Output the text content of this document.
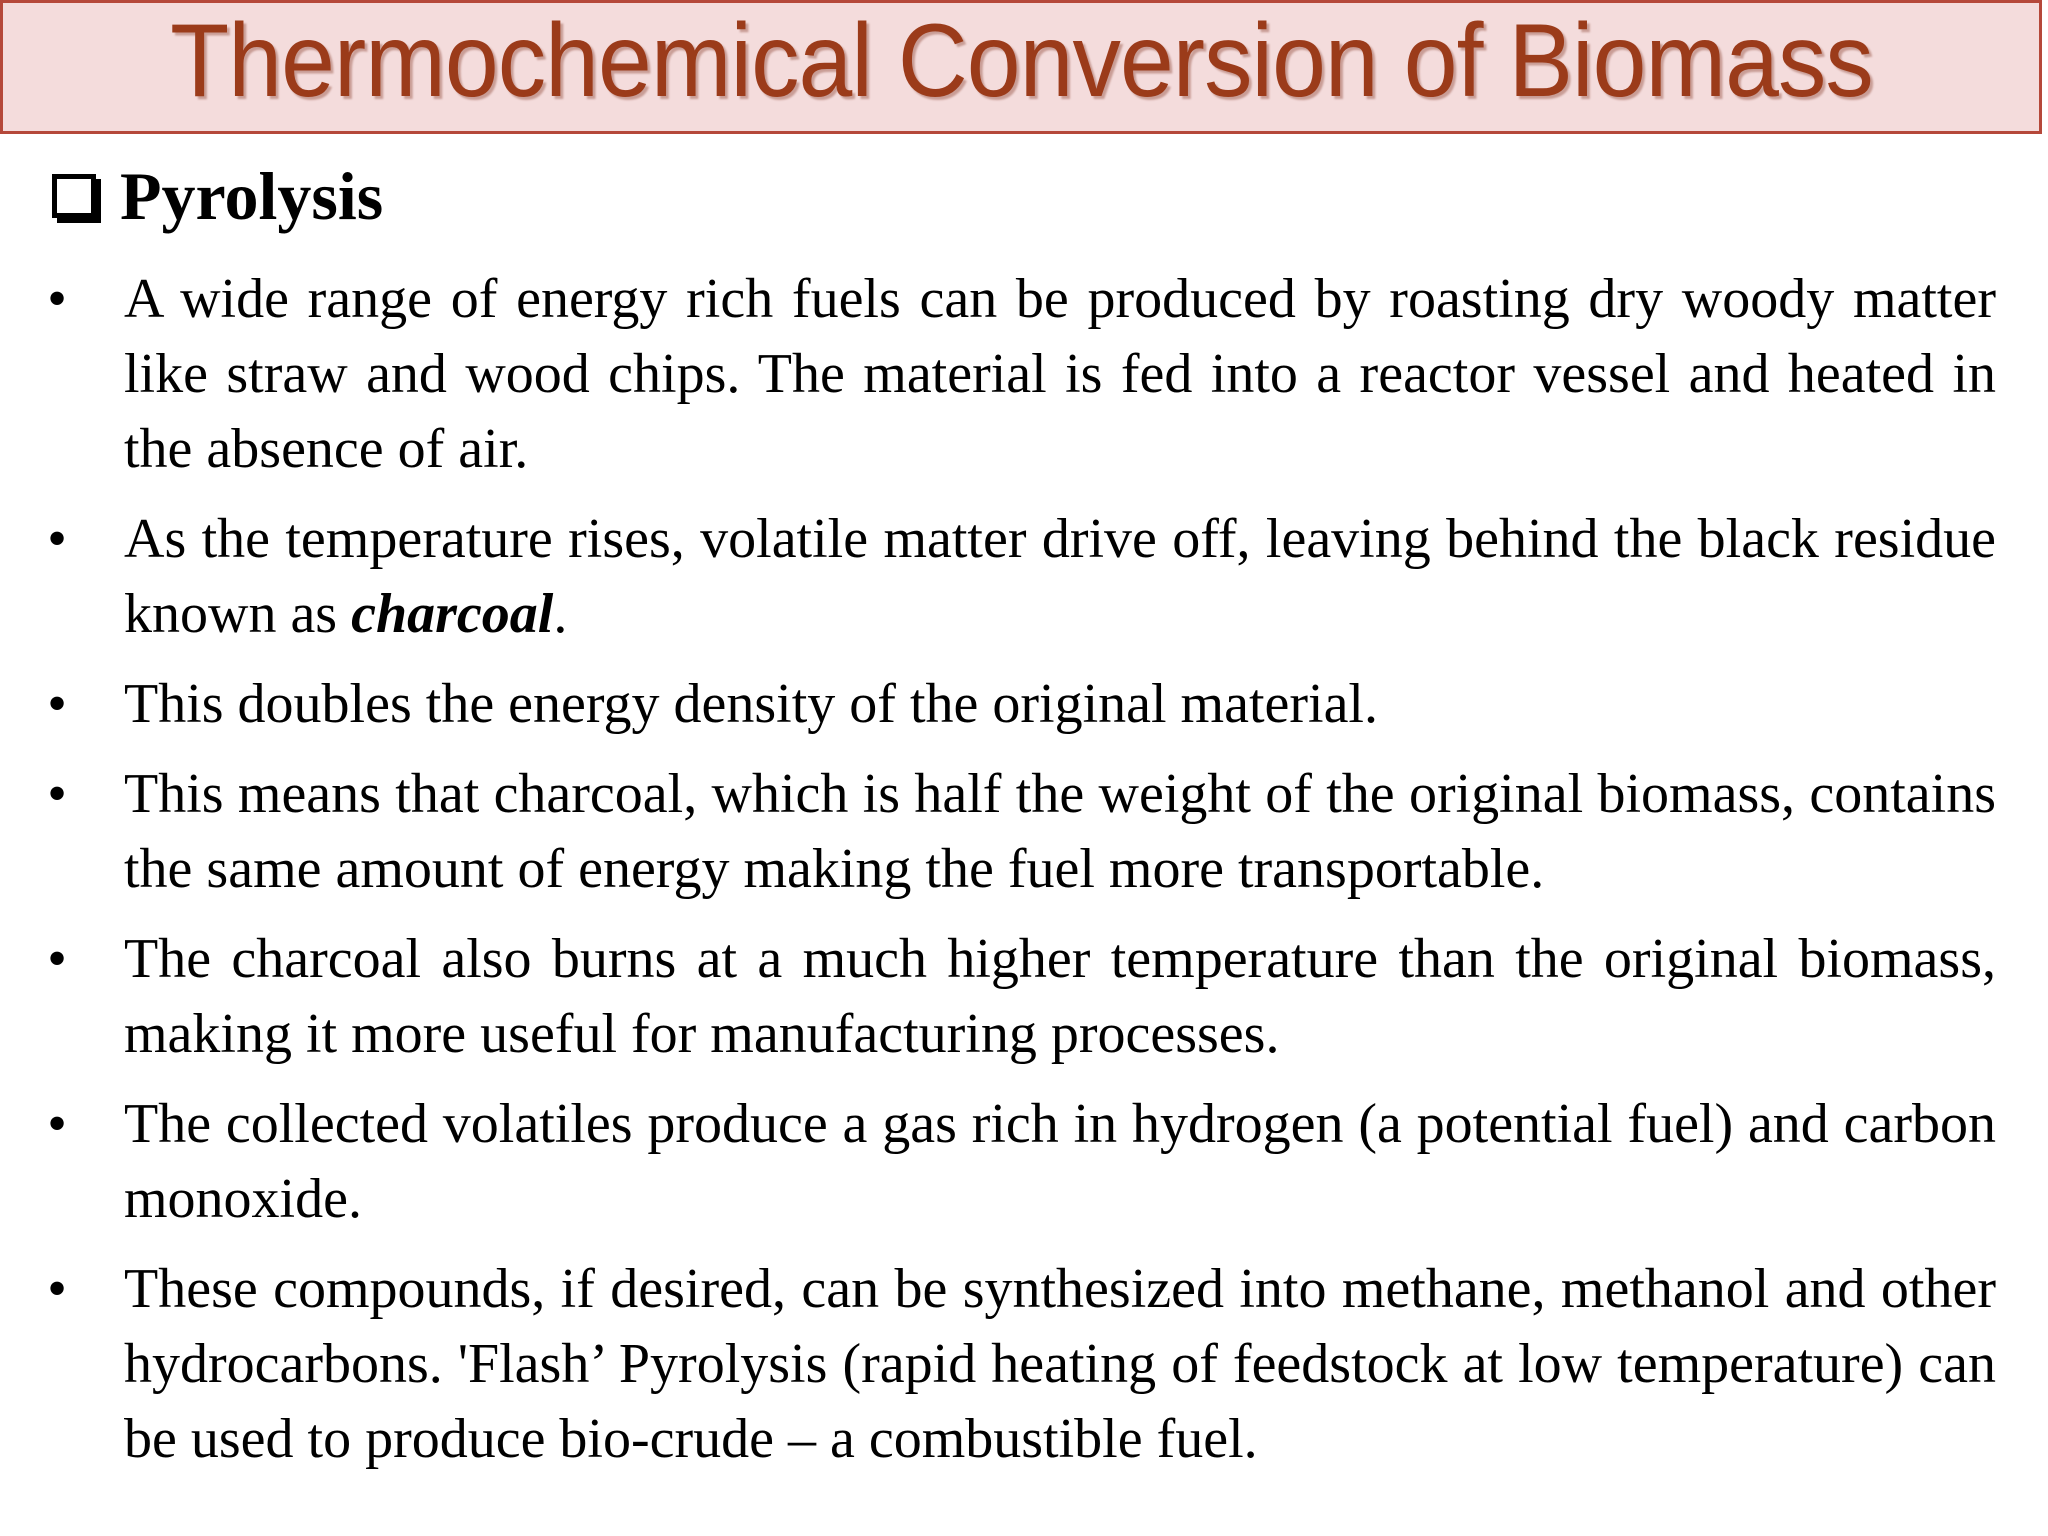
Thermochemical Conversion of Biomass
Pyrolysis
• A wide range of energy rich fuels can be produced by roasting dry woody matter like straw and wood chips. The material is fed into a reactor vessel and heated in the absence of air.
• As the temperature rises, volatile matter drive off, leaving behind the black residue known as charcoal.
• This doubles the energy density of the original material.
• This means that charcoal, which is half the weight of the original biomass, contains the same amount of energy making the fuel more transportable.
• The charcoal also burns at a much higher temperature than the original biomass, making it more useful for manufacturing processes.
• The collected volatiles produce a gas rich in hydrogen (a potential fuel) and carbon monoxide.
• These compounds, if desired, can be synthesized into methane, methanol and other hydrocarbons. 'Flash’ Pyrolysis (rapid heating of feedstock at low temperature) can be used to produce bio-crude – a combustible fuel.
